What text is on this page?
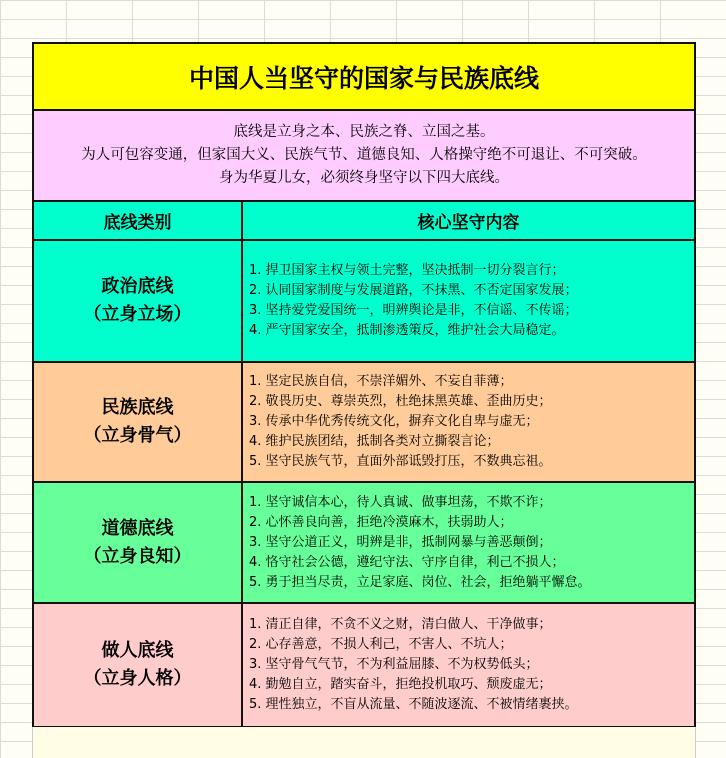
中国人当坚守的国家与民族底线
底线是立身之本、民族之脊、立国之基。
为人可包容变通，但家国大义、民族气节、道德良知、人格操守绝不可退让、不可突破。
身为华夏儿女，必须终身坚守以下四大底线。
底线类别	核心坚守内容
政治底线
（立身立场）
1. 捍卫国家主权与领土完整，坚决抵制一切分裂言行；
2. 认同国家制度与发展道路，不抹黑、不否定国家发展；
3. 坚持爱党爱国统一，明辨舆论是非，不信谣、不传谣；
4. 严守国家安全，抵制渗透策反，维护社会大局稳定。
民族底线
（立身骨气）
1. 坚定民族自信，不崇洋媚外、不妄自菲薄；
2. 敬畏历史、尊崇英烈，杜绝抹黑英雄、歪曲历史；
3. 传承中华优秀传统文化，摒弃文化自卑与虚无；
4. 维护民族团结，抵制各类对立撕裂言论；
5. 坚守民族气节，直面外部诋毁打压，不数典忘祖。
道德底线
（立身良知）
1. 坚守诚信本心，待人真诚、做事坦荡，不欺不诈；
2. 心怀善良向善，拒绝冷漠麻木，扶弱助人；
3. 坚守公道正义，明辨是非，抵制网暴与善恶颠倒；
4. 恪守社会公德，遵纪守法、守序自律，利己不损人；
5. 勇于担当尽责，立足家庭、岗位、社会，拒绝躺平懈怠。
做人底线
（立身人格）
1. 清正自律，不贪不义之财，清白做人、干净做事；
2. 心存善意，不损人利己，不害人、不坑人；
3. 坚守骨气气节，不为利益屈膝、不为权势低头；
4. 勤勉自立，踏实奋斗，拒绝投机取巧、颓废虚无；
5. 理性独立，不盲从流量、不随波逐流、不被情绪裹挟。
